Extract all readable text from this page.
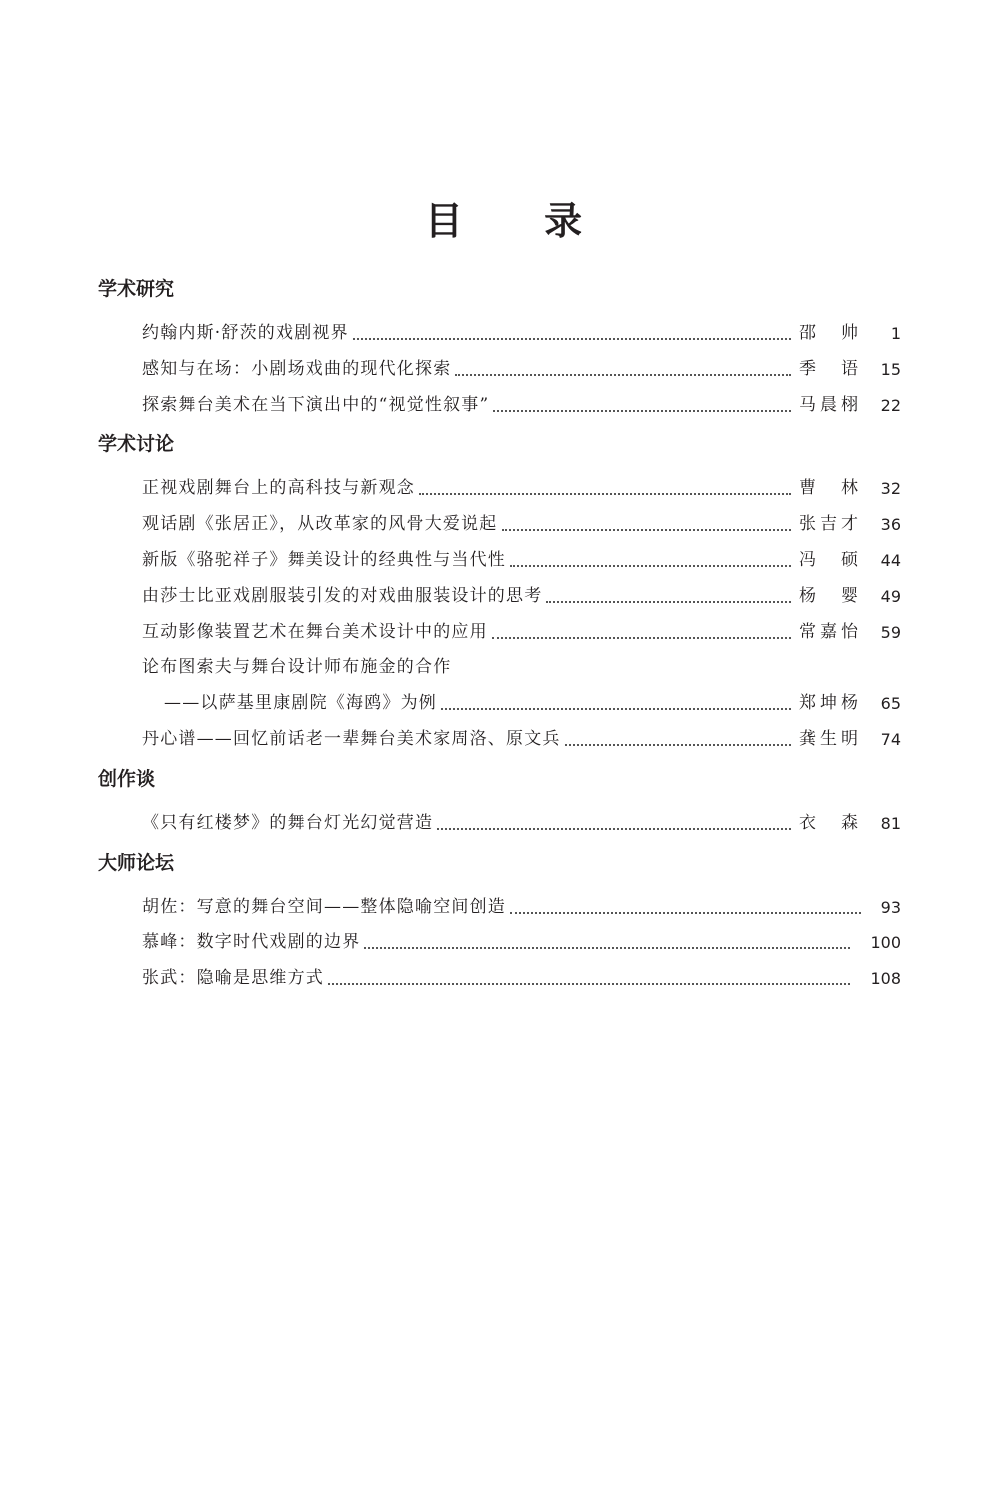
目 录
学术研究
约翰内斯·舒茨的戏剧视界	邵 帅 1
感知与在场：小剧场戏曲的现代化探索	季 语 15
探索舞台美术在当下演出中的“视觉性叙事”	马晨栩 22
学术讨论
正视戏剧舞台上的高科技与新观念	曹 林 32
观话剧《张居正》，从改革家的风骨大爱说起	张吉才 36
新版《骆驼祥子》舞美设计的经典性与当代性	冯 硕 44
由莎士比亚戏剧服装引发的对戏曲服装设计的思考	杨 婴 49
互动影像装置艺术在舞台美术设计中的应用	常嘉怡 59
论布图索夫与舞台设计师布施金的合作
——以萨基里康剧院《海鸥》为例	郑坤杨 65
丹心谱——回忆前话老一辈舞台美术家周洛、原文兵	龚生明 74
创作谈
《只有红楼梦》的舞台灯光幻觉营造	衣 森 81
大师论坛
胡佐：写意的舞台空间——整体隐喻空间创造	93
慕峰：数字时代戏剧的边界	100
张武：隐喻是思维方式	108
